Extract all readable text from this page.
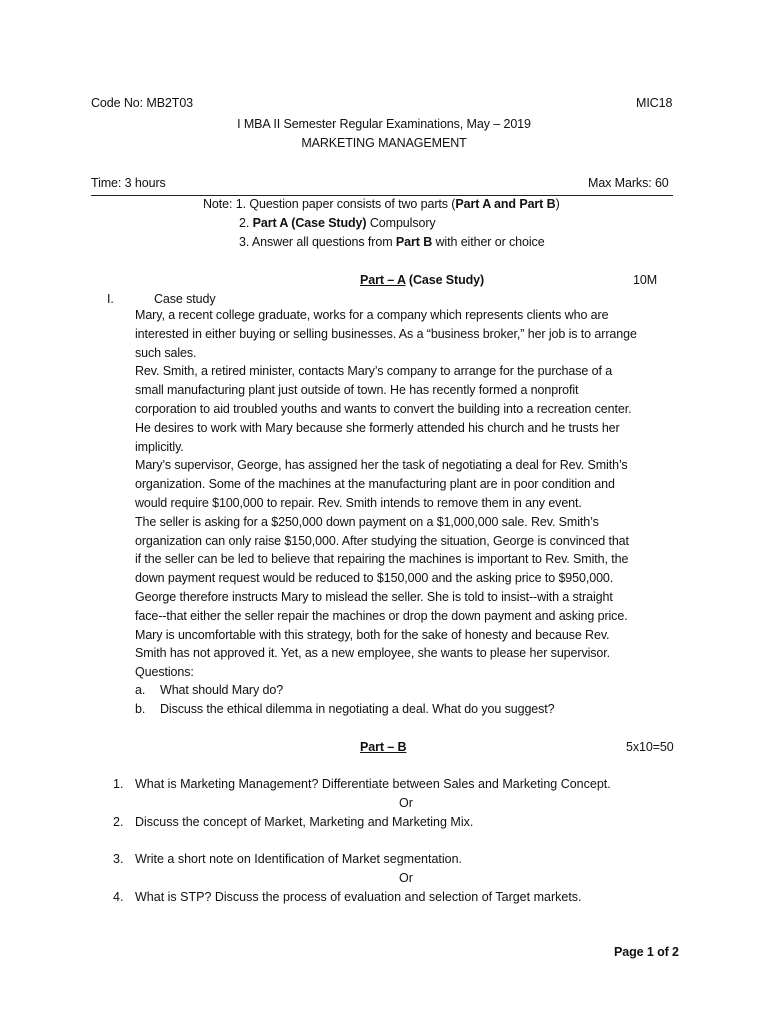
Code No: MB2T03	MIC18
I MBA II Semester Regular Examinations, May – 2019
MARKETING MANAGEMENT
Time: 3 hours	Max Marks: 60
Note: 1. Question paper consists of two parts (Part A and Part B)
2. Part A (Case Study) Compulsory
3. Answer all questions from Part B with either or choice
Part – A (Case Study)	10M
I.	Case study
Mary, a recent college graduate, works for a company which represents clients who are
interested in either buying or selling businesses. As a “business broker,” her job is to arrange
such sales.
Rev. Smith, a retired minister, contacts Mary’s company to arrange for the purchase of a
small manufacturing plant just outside of town. He has recently formed a nonprofit
corporation to aid troubled youths and wants to convert the building into a recreation center.
He desires to work with Mary because she formerly attended his church and he trusts her
implicitly.
Mary’s supervisor, George, has assigned her the task of negotiating a deal for Rev. Smith’s
organization. Some of the machines at the manufacturing plant are in poor condition and
would require $100,000 to repair. Rev. Smith intends to remove them in any event.
The seller is asking for a $250,000 down payment on a $1,000,000 sale. Rev. Smith’s
organization can only raise $150,000. After studying the situation, George is convinced that
if the seller can be led to believe that repairing the machines is important to Rev. Smith, the
down payment request would be reduced to $150,000 and the asking price to $950,000.
George therefore instructs Mary to mislead the seller. She is told to insist--with a straight
face--that either the seller repair the machines or drop the down payment and asking price.
Mary is uncomfortable with this strategy, both for the sake of honesty and because Rev.
Smith has not approved it. Yet, as a new employee, she wants to please her supervisor.
Questions:
a. What should Mary do?
b. Discuss the ethical dilemma in negotiating a deal. What do you suggest?
Part – B	5x10=50
1. What is Marketing Management? Differentiate between Sales and Marketing Concept.
Or
2. Discuss the concept of Market, Marketing and Marketing Mix.
3. Write a short note on Identification of Market segmentation.
Or
4. What is STP? Discuss the process of evaluation and selection of Target markets.
Page 1 of 2
